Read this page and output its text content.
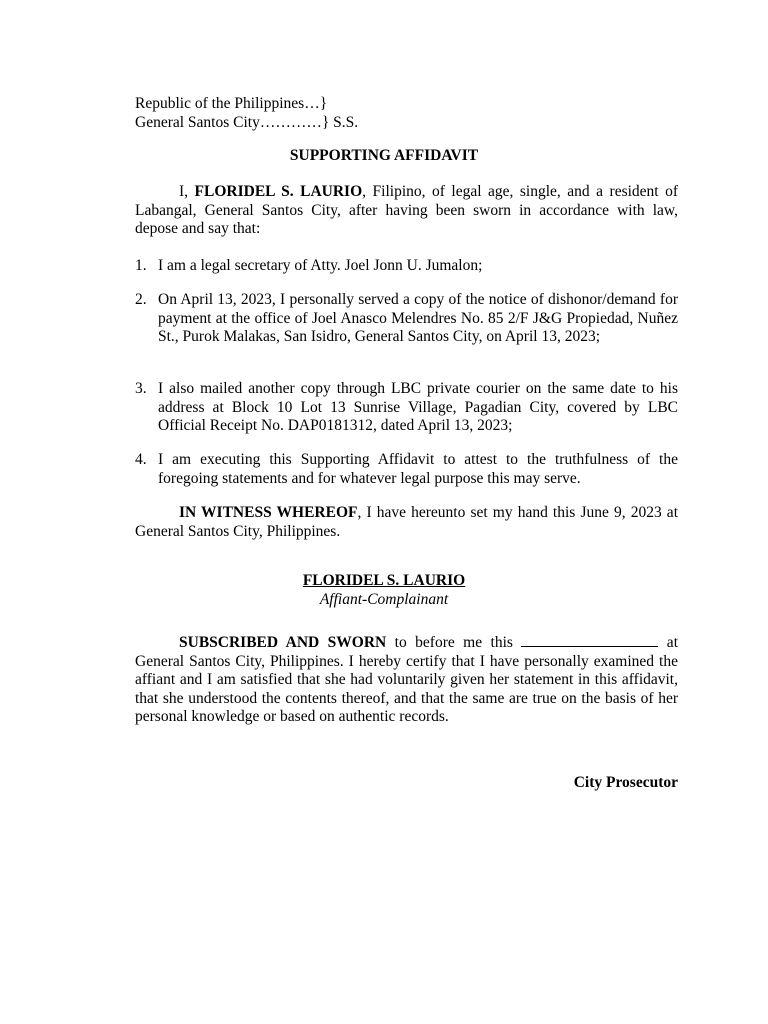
Republic of the Philippines…}
General Santos City…………} S.S.
SUPPORTING AFFIDAVIT

I, FLORIDEL S. LAURIO, Filipino, of legal age, single, and a resident of Labangal, General Santos City, after having been sworn in accordance with law, depose and say that:

1. I am a legal secretary of Atty. Joel Jonn U. Jumalon;
2. On April 13, 2023, I personally served a copy of the notice of dishonor/demand for payment at the office of Joel Anasco Melendres No. 85 2/F J&G Propiedad, Nuñez St., Purok Malakas, San Isidro, General Santos City, on April 13, 2023;
3. I also mailed another copy through LBC private courier on the same date to his address at Block 10 Lot 13 Sunrise Village, Pagadian City, covered by LBC Official Receipt No. DAP0181312, dated April 13, 2023;
4. I am executing this Supporting Affidavit to attest to the truthfulness of the foregoing statements and for whatever legal purpose this may serve.

IN WITNESS WHEREOF, I have hereunto set my hand this June 9, 2023 at General Santos City, Philippines.

FLORIDEL S. LAURIO
Affiant-Complainant

SUBSCRIBED AND SWORN to before me this	at General Santos City, Philippines. I hereby certify that I have personally examined the affiant and I am satisfied that she had voluntarily given her statement in this affidavit, that she understood the contents thereof, and that the same are true on the basis of her personal knowledge or based on authentic records.

City Prosecutor
